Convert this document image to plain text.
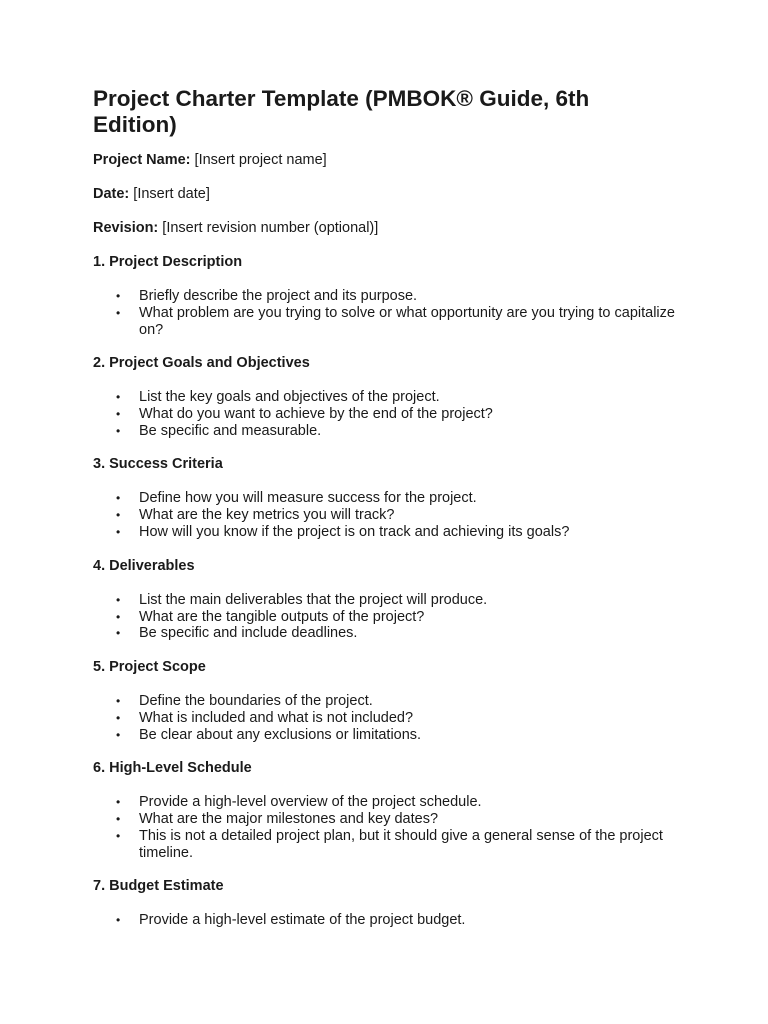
Project Charter Template (PMBOK® Guide, 6th Edition)

Project Name: [Insert project name]

Date: [Insert date]

Revision: [Insert revision number (optional)]

1. Project Description

• Briefly describe the project and its purpose.
• What problem are you trying to solve or what opportunity are you trying to capitalize on?

2. Project Goals and Objectives

• List the key goals and objectives of the project.
• What do you want to achieve by the end of the project?
• Be specific and measurable.

3. Success Criteria

• Define how you will measure success for the project.
• What are the key metrics you will track?
• How will you know if the project is on track and achieving its goals?

4. Deliverables

• List the main deliverables that the project will produce.
• What are the tangible outputs of the project?
• Be specific and include deadlines.

5. Project Scope

• Define the boundaries of the project.
• What is included and what is not included?
• Be clear about any exclusions or limitations.

6. High-Level Schedule

• Provide a high-level overview of the project schedule.
• What are the major milestones and key dates?
• This is not a detailed project plan, but it should give a general sense of the project timeline.

7. Budget Estimate

• Provide a high-level estimate of the project budget.
